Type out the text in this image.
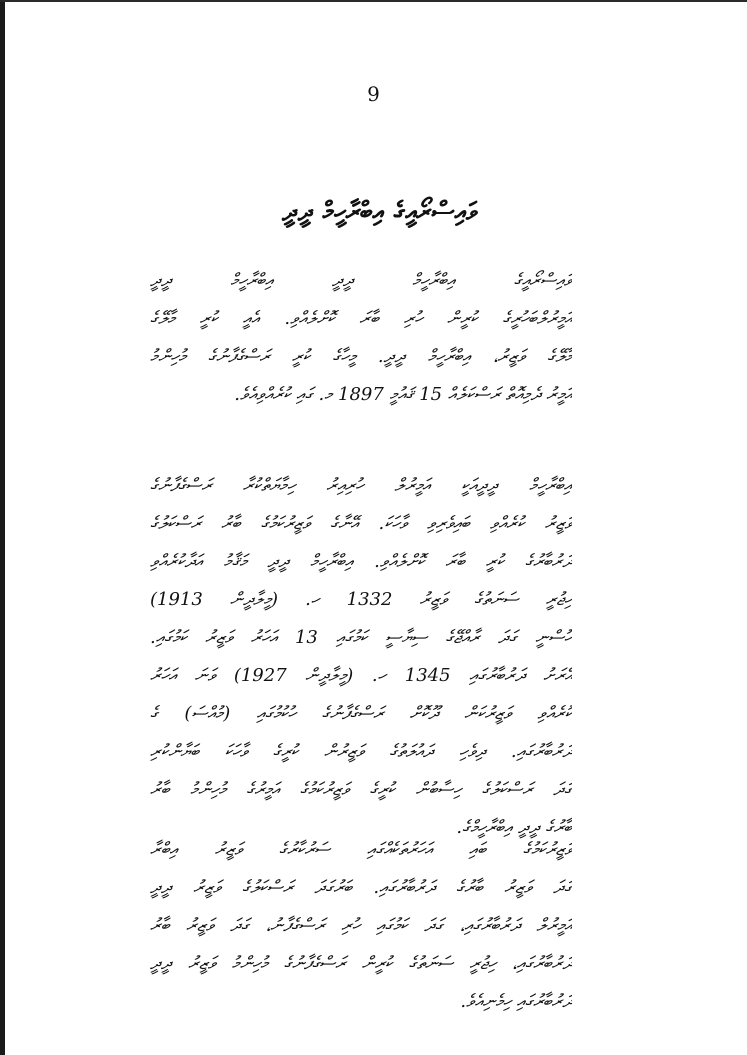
9
ވައިސްރޯއީގެ އިބްރާހީމް ދީދީ
ވައިސްރޯއީގެ އިބްރާހީމް ދީދީ އިބްރާހީމް ދީދީ
އަމީރުލްބަހުރީގެ ކުރީން ހުރި ބާރަ ކޮށްލެއްވި. އެއީ ކުރީ މާލޭގެ
މާލޭގެ ވަޒީރު، އިބްރާހީމް ދީދީ. މީހާގެ ކުރީ ރަސްގެފާނުގެ މުހިންމު
އަމީރު ދެމިއޮތް ރަސްކަލެއް 15 ޤައުމީ 1897 މ. ގައި ކުރެއްވިއެވެ.
އިބްރާހީމް ދީދީއަކީ އަމީރުލް ހުރިއިރު ހިމާޔަތްކުރާ ރަސްގެފާނުގެ
ވަޒީރު ކުރެއްވި ބައިވެރިވި ވާހަކަ. އޭނާގެ ވަޒީރުކަމުގެ ބާރު ރަސްކަލުގެ
ދަރުބާރުގެ ކުރީ ބާރަ ކޮށްލެއްވި. އިބްރާހީމް ދީދީ މަޤާމު އަދާކުރެއްވި
ހިޖުރީ ސަނަތުގެ ވަޒީރު 1332 ހ. (މީލާދީން 1913)
ހުސްނީ ގަދަ ރާއްޖޭގެ ސިޔާސީ ކަމުގައި 13 އަހަރު ވަޒީރު ކަމުގައި.
އެރަށު ދަރުބާރުގައި 1345 ހ. (މީލާދީން 1927) ވަނަ އަހަރު
ކުރެއްވި ވަޒީރުކަން ދޫކޮށް ރަސްގެފާނުގެ ހުކުމުގައި (މުއްސަ) ގެ
ދަރުބާރުގައި. ދިވެހި ދައުލަތުގެ ވަޒީރުން ކުރީގެ ވާހަކަ ބަޔާންކުރި
ގަދަ ރަސްކަލުގެ ހިސާބުން ކުރީގެ ވަޒީރުކަމުގެ އަމީރުގެ މުހިންމު ބާރު
ބާރުގެ ދީދީ އިބްރާހީމްގެ.
ވަޒީރުކަމުގެ ބައި އަހަރުތަކެއްގައި ސަރުކާރުގެ ވަޒީރު އިބްރާ
ގަދަ ވަޒީރު ބާރުގެ ދަރުބާރުގައި. ބަރުގަދަ ރަސްކަލުގެ ވަޒީރު ދީދީ
އަމީރުލް ދަރުބާރުގައި، ގަދަ ކަމުގައި ހުރި ރަސްގެފާނު، ގަދަ ވަޒީރު ބާރު
ދަރުބާރުގައި، ހިޖުރީ ސަނަތުގެ ކުރީން ރަސްގެފާނުގެ މުހިންމު ވަޒީރު ދީދީ
ދަރުބާރުގައި ހިމެނިއެވެ.
